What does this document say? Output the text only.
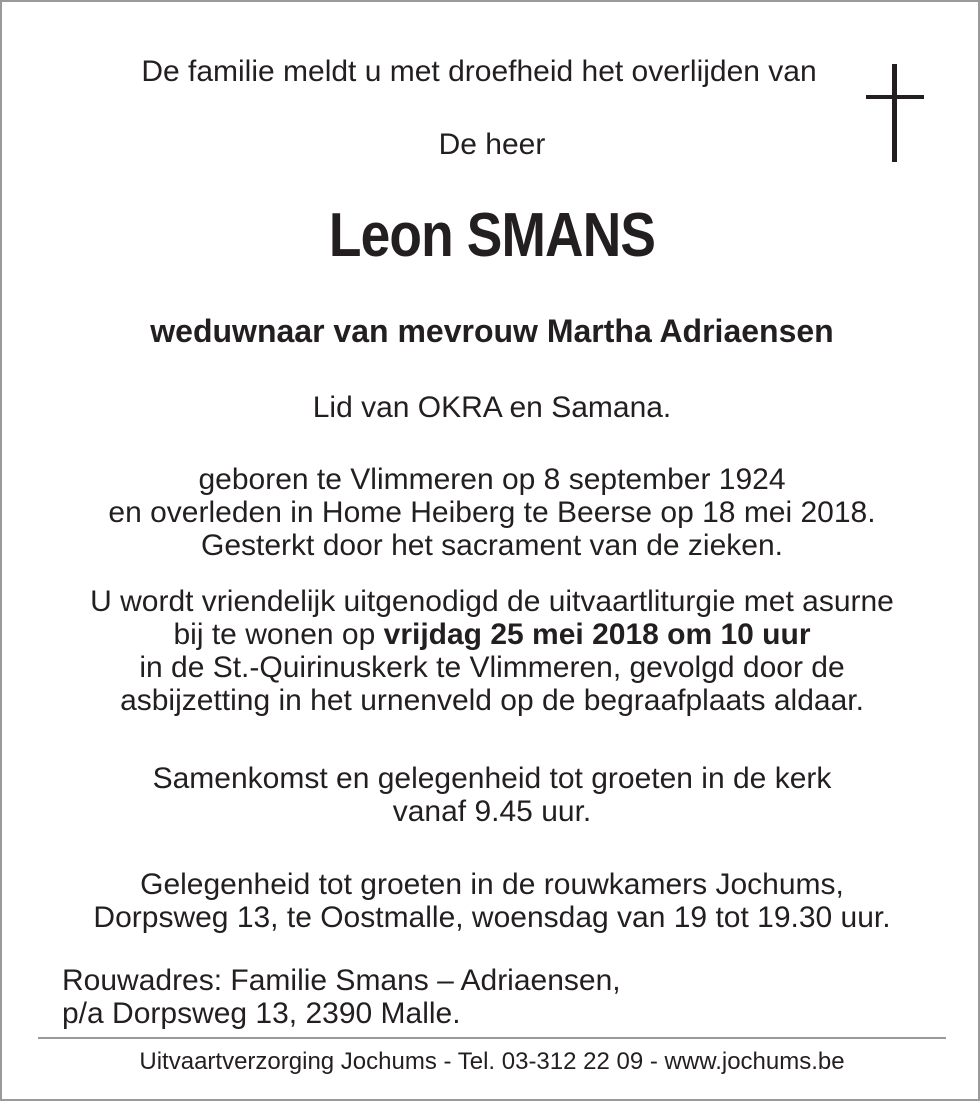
De familie meldt u met droefheid het overlijden van
De heer
Leon SMANS
weduwnaar van mevrouw Martha Adriaensen
Lid van OKRA en Samana.
geboren te Vlimmeren op 8 september 1924
en overleden in Home Heiberg te Beerse op 18 mei 2018.
Gesterkt door het sacrament van de zieken.
U wordt vriendelijk uitgenodigd de uitvaartliturgie met asurne
bij te wonen op vrijdag 25 mei 2018 om 10 uur
in de St.-Quirinuskerk te Vlimmeren, gevolgd door de
asbijzetting in het urnenveld op de begraafplaats aldaar.
Samenkomst en gelegenheid tot groeten in de kerk
vanaf 9.45 uur.
Gelegenheid tot groeten in de rouwkamers Jochums,
Dorpsweg 13, te Oostmalle, woensdag van 19 tot 19.30 uur.
Rouwadres: Familie Smans – Adriaensen,
p/a Dorpsweg 13, 2390 Malle.
Uitvaartverzorging Jochums - Tel. 03-312 22 09 - www.jochums.be
